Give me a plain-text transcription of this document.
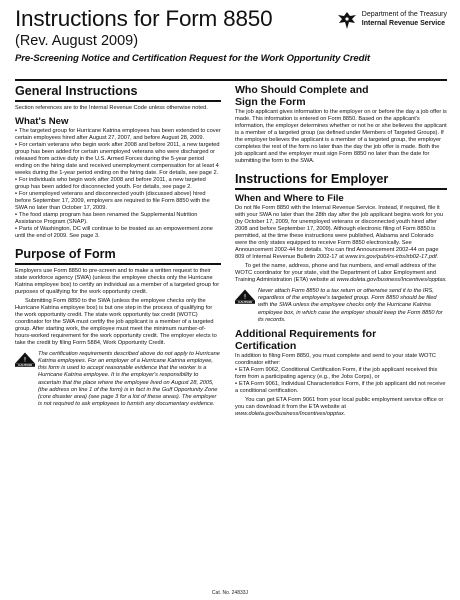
Instructions for Form 8850
(Rev. August 2009)
Pre-Screening Notice and Certification Request for the Work Opportunity Credit
Department of the Treasury
Internal Revenue Service
General Instructions
Section references are to the Internal Revenue Code unless otherwise noted.
What's New
• The targeted group for Hurricane Katrina employees has been extended to cover certain employees hired after August 27, 2007, and before August 28, 2009.
• For certain veterans who begin work after 2008 and before 2011, a new targeted group has been added for certain unemployed veterans who were discharged or released from active duty in the U.S. Armed Forces during the 5-year period ending on the hiring date and received unemployment compensation for at least 4 weeks during the 1-year period ending on the hiring date. For details, see page 2.
• For individuals who begin work after 2008 and before 2011, a new targeted group has been added for disconnected youth. For details, see page 2.
• For unemployed veterans and disconnected youth (discussed above) hired before September 17, 2009, employers are required to file Form 8850 with the SWA no later than October 17, 2009.
• The food stamp program has been renamed the Supplemental Nutrition Assistance Program (SNAP).
• Parts of Washington, DC will continue to be treated as an empowerment zone until the end of 2009. See page 3.
Purpose of Form
Employers use Form 8850 to pre-screen and to make a written request to their state workforce agency (SWA) (unless the employee checks only the Hurricane Katrina employee box) to certify an individual as a member of a targeted group for purposes of qualifying for the work opportunity credit.
Submitting Form 8850 to the SWA (unless the employee checks only the Hurricane Katrina employee box) is but one step in the process of qualifying for the work opportunity credit. The state work opportunity tax credit (WOTC) coordinator for the SWA must certify the job applicant is a member of a targeted group. After starting work, the employee must meet the minimum number-of-hours-worked requirement for the work opportunity credit. The employer elects to take the credit by filing Form 5884, Work Opportunity Credit.
!
CAUTION
The certification requirements described above do not apply to Hurricane Katrina employees. For an employer of a Hurricane Katrina employee, this form is used to accept reasonable evidence that the worker is a Hurricane Katrina employee. It is the employer's responsibility to ascertain that the place where the employee lived on August 28, 2005, (the address on line 1 of the form) is in fact in the Gulf Opportunity Zone (core disaster area) (see page 3 for a list of these areas). The employer is not required to ask employees to furnish any documentary evidence.
Who Should Complete and
Sign the Form
The job applicant gives information to the employer on or before the day a job offer is made. This information is entered on Form 8850. Based on the applicant's information, the employer determines whether or not he or she believes the applicant is a member of a targeted group (as defined under Members of Targeted Groups). If the employer believes the applicant is a member of a targeted group, the employer completes the rest of the form no later than the day the job offer is made. Both the job applicant and the employer must sign Form 8850 no later than the date for submitting the form to the SWA.
Instructions for Employer
When and Where to File
Do not file Form 8850 with the Internal Revenue Service. Instead, if required, file it with your SWA no later than the 28th day after the job applicant begins work for you (by October 17, 2009, for unemployed veterans or disconnected youth hired after 2008 and before September 17, 2009). Although electronic filing of Form 8850 is permitted, at the time these instructions were published, Alabama and Colorado were the only states equipped to receive Form 8850 electronically. See Announcement 2002-44 for details. You can find Announcement 2002-44 on page 809 of Internal Revenue Bulletin 2002-17 at www.irs.gov/pub/irs-irbs/irb02-17.pdf.
To get the name, address, phone and fax numbers, and email address of the WOTC coordinator for your state, visit the Department of Labor Employment and Training Administration (ETA) website at www.doleta.gov/business/Incentives/opptax.
!
CAUTION
Never attach Form 8850 to a tax return or otherwise send it to the IRS, regardless of the employee's targeted group. Form 8850 should be filed with the SWA unless the employee checks only the Hurricane Katrina employee box, in which case the employer should keep the Form 8850 for its records.
Additional Requirements for
Certification
In addition to filing Form 8850, you must complete and send to your state WOTC coordinator either:
• ETA Form 9062, Conditional Certification Form, if the job applicant received this form from a participating agency (e.g., the Jobs Corps), or
• ETA Form 9061, Individual Characteristics Form, if the job applicant did not receive a conditional certification.
You can get ETA Form 9061 from your local public employment service office or you can download it from the ETA website at www.doleta.gov/business/Incentives/opptax.
Cat. No. 24833J
